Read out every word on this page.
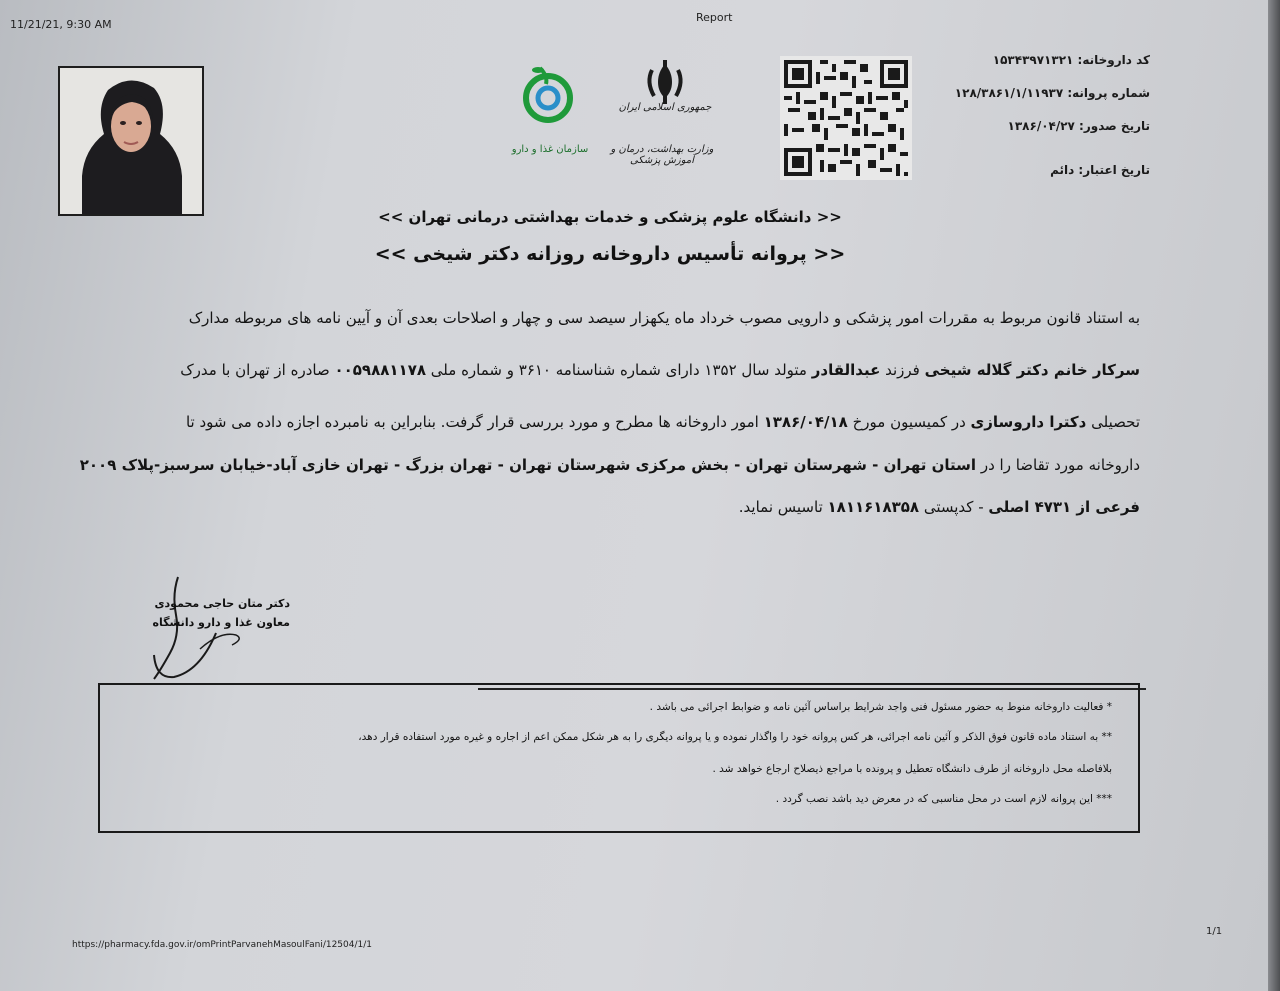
11/21/21, 9:30 AM
Report
سازمان غذا و دارو
جمهوری اسلامی ایران
وزارت بهداشت، درمان و آموزش پزشکی
کد داروخانه: ۱۵۳۴۳۹۷۱۳۲۱
شماره پروانه: ۱۲۸/۳۸۶۱/۱/۱۱۹۳۷
تاریخ صدور: ۱۳۸۶/۰۴/۲۷
تاریخ اعتبار: دائم
<< دانشگاه علوم پزشکی و خدمات بهداشتی درمانی تهران >>
<< پروانه تأسیس داروخانه روزانه دکتر شیخی >>
به استناد قانون مربوط به مقررات امور پزشکی و دارویی مصوب خرداد ماه یکهزار سیصد سی و چهار و اصلاحات بعدی آن و آیین نامه های مربوطه مدارک
سرکار خانم دکتر گلاله شیخی فرزند عبدالقادر متولد سال ۱۳۵۲ دارای شماره شناسنامه ۳۶۱۰ و شماره ملی ۰۰۵۹۸۸۱۱۷۸ صادره از تهران با مدرک
تحصیلی دکترا داروسازی در کمیسیون مورخ ۱۳۸۶/۰۴/۱۸ امور داروخانه ها مطرح و مورد بررسی قرار گرفت. بنابراین به نامبرده اجازه داده می شود تا
داروخانه مورد تقاضا را در استان تهران - شهرستان تهران - بخش مرکزی شهرستان تهران - تهران بزرگ - تهران خازی آباد-خیابان سرسبز-پلاک ۲۰۰۹
فرعی از ۴۷۳۱ اصلی - کدپستی ۱۸۱۱۶۱۸۳۵۸ تاسیس نماید.
دکتر متان حاجی محمودی
معاون غذا و دارو دانشگاه
* فعالیت داروخانه منوط به حضور مسئول فنی واجد شرایط براساس آئین نامه و ضوابط اجرائی می باشد .
** به استناد ماده قانون فوق الذکر و آئین نامه اجرائی، هر کس پروانه خود را واگذار نموده و یا پروانه دیگری را به هر شکل ممکن اعم از اجاره و غیره مورد استفاده قرار دهد،
بلافاصله محل داروخانه از طرف دانشگاه تعطیل و پرونده با مراجع ذیصلاح ارجاع خواهد شد .
*** این پروانه لازم است در محل مناسبی که در معرض دید باشد نصب گردد .
https://pharmacy.fda.gov.ir/omPrintParvanehMasoulFani/12504/1/1
1/1
